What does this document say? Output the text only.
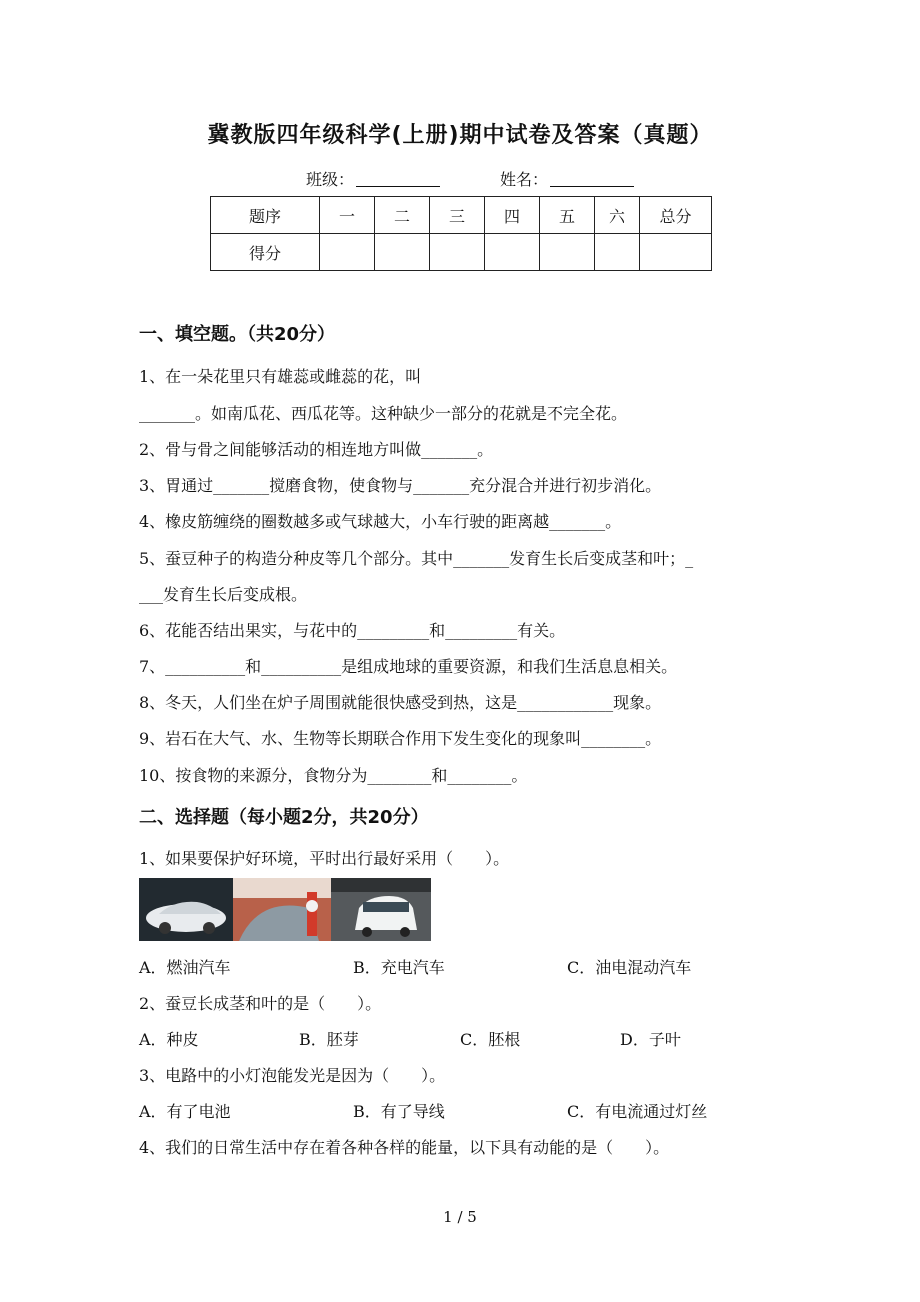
冀教版四年级科学(上册)期中试卷及答案（真题）
班级：	姓名：
题序	一	二	三	四	五	六	总分
得分							
一、填空题。（共20分）
1、在一朵花里只有雄蕊或雌蕊的花，叫
_______。如南瓜花、西瓜花等。这种缺少一部分的花就是不完全花。
2、骨与骨之间能够活动的相连地方叫做_______。
3、胃通过_______搅磨食物，使食物与_______充分混合并进行初步消化。
4、橡皮筋缠绕的圈数越多或气球越大，小车行驶的距离越_______。
5、蚕豆种子的构造分种皮等几个部分。其中_______发育生长后变成茎和叶；_
___发育生长后变成根。
6、花能否结出果实，与花中的_________和_________有关。
7、__________和__________是组成地球的重要资源，和我们生活息息相关。
8、冬天，人们坐在炉子周围就能很快感受到热，这是____________现象。
9、岩石在大气、水、生物等长期联合作用下发生变化的现象叫________。
10、按食物的来源分，食物分为________和________。
二、选择题（每小题2分，共20分）
1、如果要保护好环境，平时出行最好采用（　　）。
A．燃油汽车	B．充电汽车	C．油电混动汽车
2、蚕豆长成茎和叶的是（　　）。
A．种皮	B．胚芽	C．胚根	D．子叶
3、电路中的小灯泡能发光是因为（　　）。
A．有了电池	B．有了导线	C．有电流通过灯丝
4、我们的日常生活中存在着各种各样的能量，以下具有动能的是（　　）。
1 / 5
